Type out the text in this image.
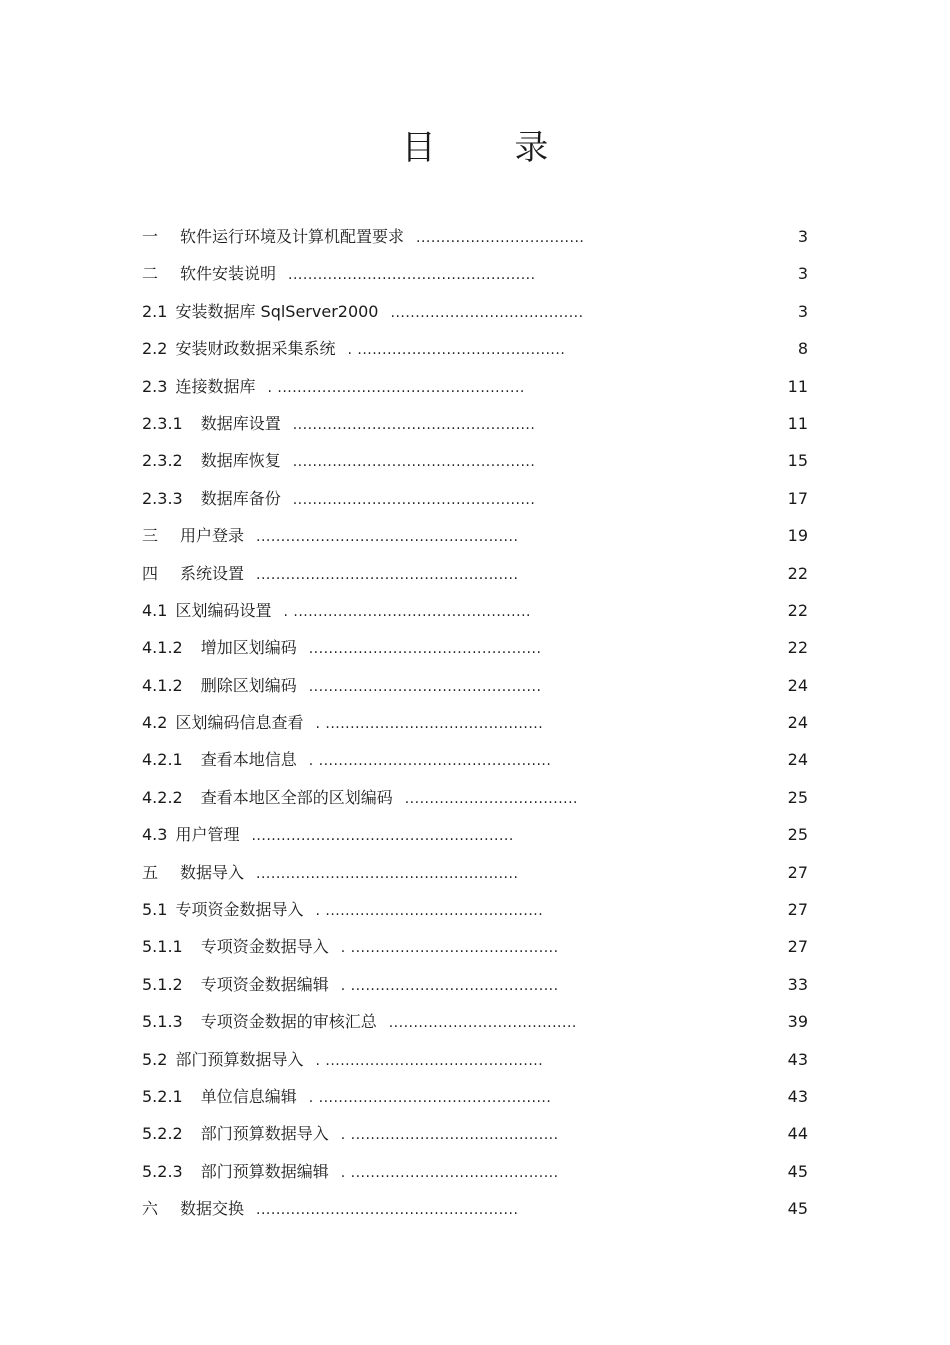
目 录
一 软件运行环境及计算机配置要求 ..................................	3
二 软件安装说明 ..................................................	3
2.1 安装数据库 SqlServer2000 .......................................	3
2.2 安装财政数据采集系统 . ..........................................	8
2.3 连接数据库 . ..................................................	11
2.3.1 数据库设置 .................................................	11
2.3.2 数据库恢复 .................................................	15
2.3.3 数据库备份 .................................................	17
三 用户登录 .....................................................	19
四 系统设置 .....................................................	22
4.1 区划编码设置 . ................................................	22
4.1.2 增加区划编码 ...............................................	22
4.1.2 删除区划编码 ...............................................	24
4.2 区划编码信息查看 . ............................................	24
4.2.1 查看本地信息 . ...............................................	24
4.2.2 查看本地区全部的区划编码 ...................................	25
4.3 用户管理 .....................................................	25
五 数据导入 .....................................................	27
5.1 专项资金数据导入 . ............................................	27
5.1.1 专项资金数据导入 . ..........................................	27
5.1.2 专项资金数据编辑 . ..........................................	33
5.1.3 专项资金数据的审核汇总 ......................................	39
5.2 部门预算数据导入 . ............................................	43
5.2.1 单位信息编辑 . ...............................................	43
5.2.2 部门预算数据导入 . ..........................................	44
5.2.3 部门预算数据编辑 . ..........................................	45
六 数据交换 .....................................................	45
